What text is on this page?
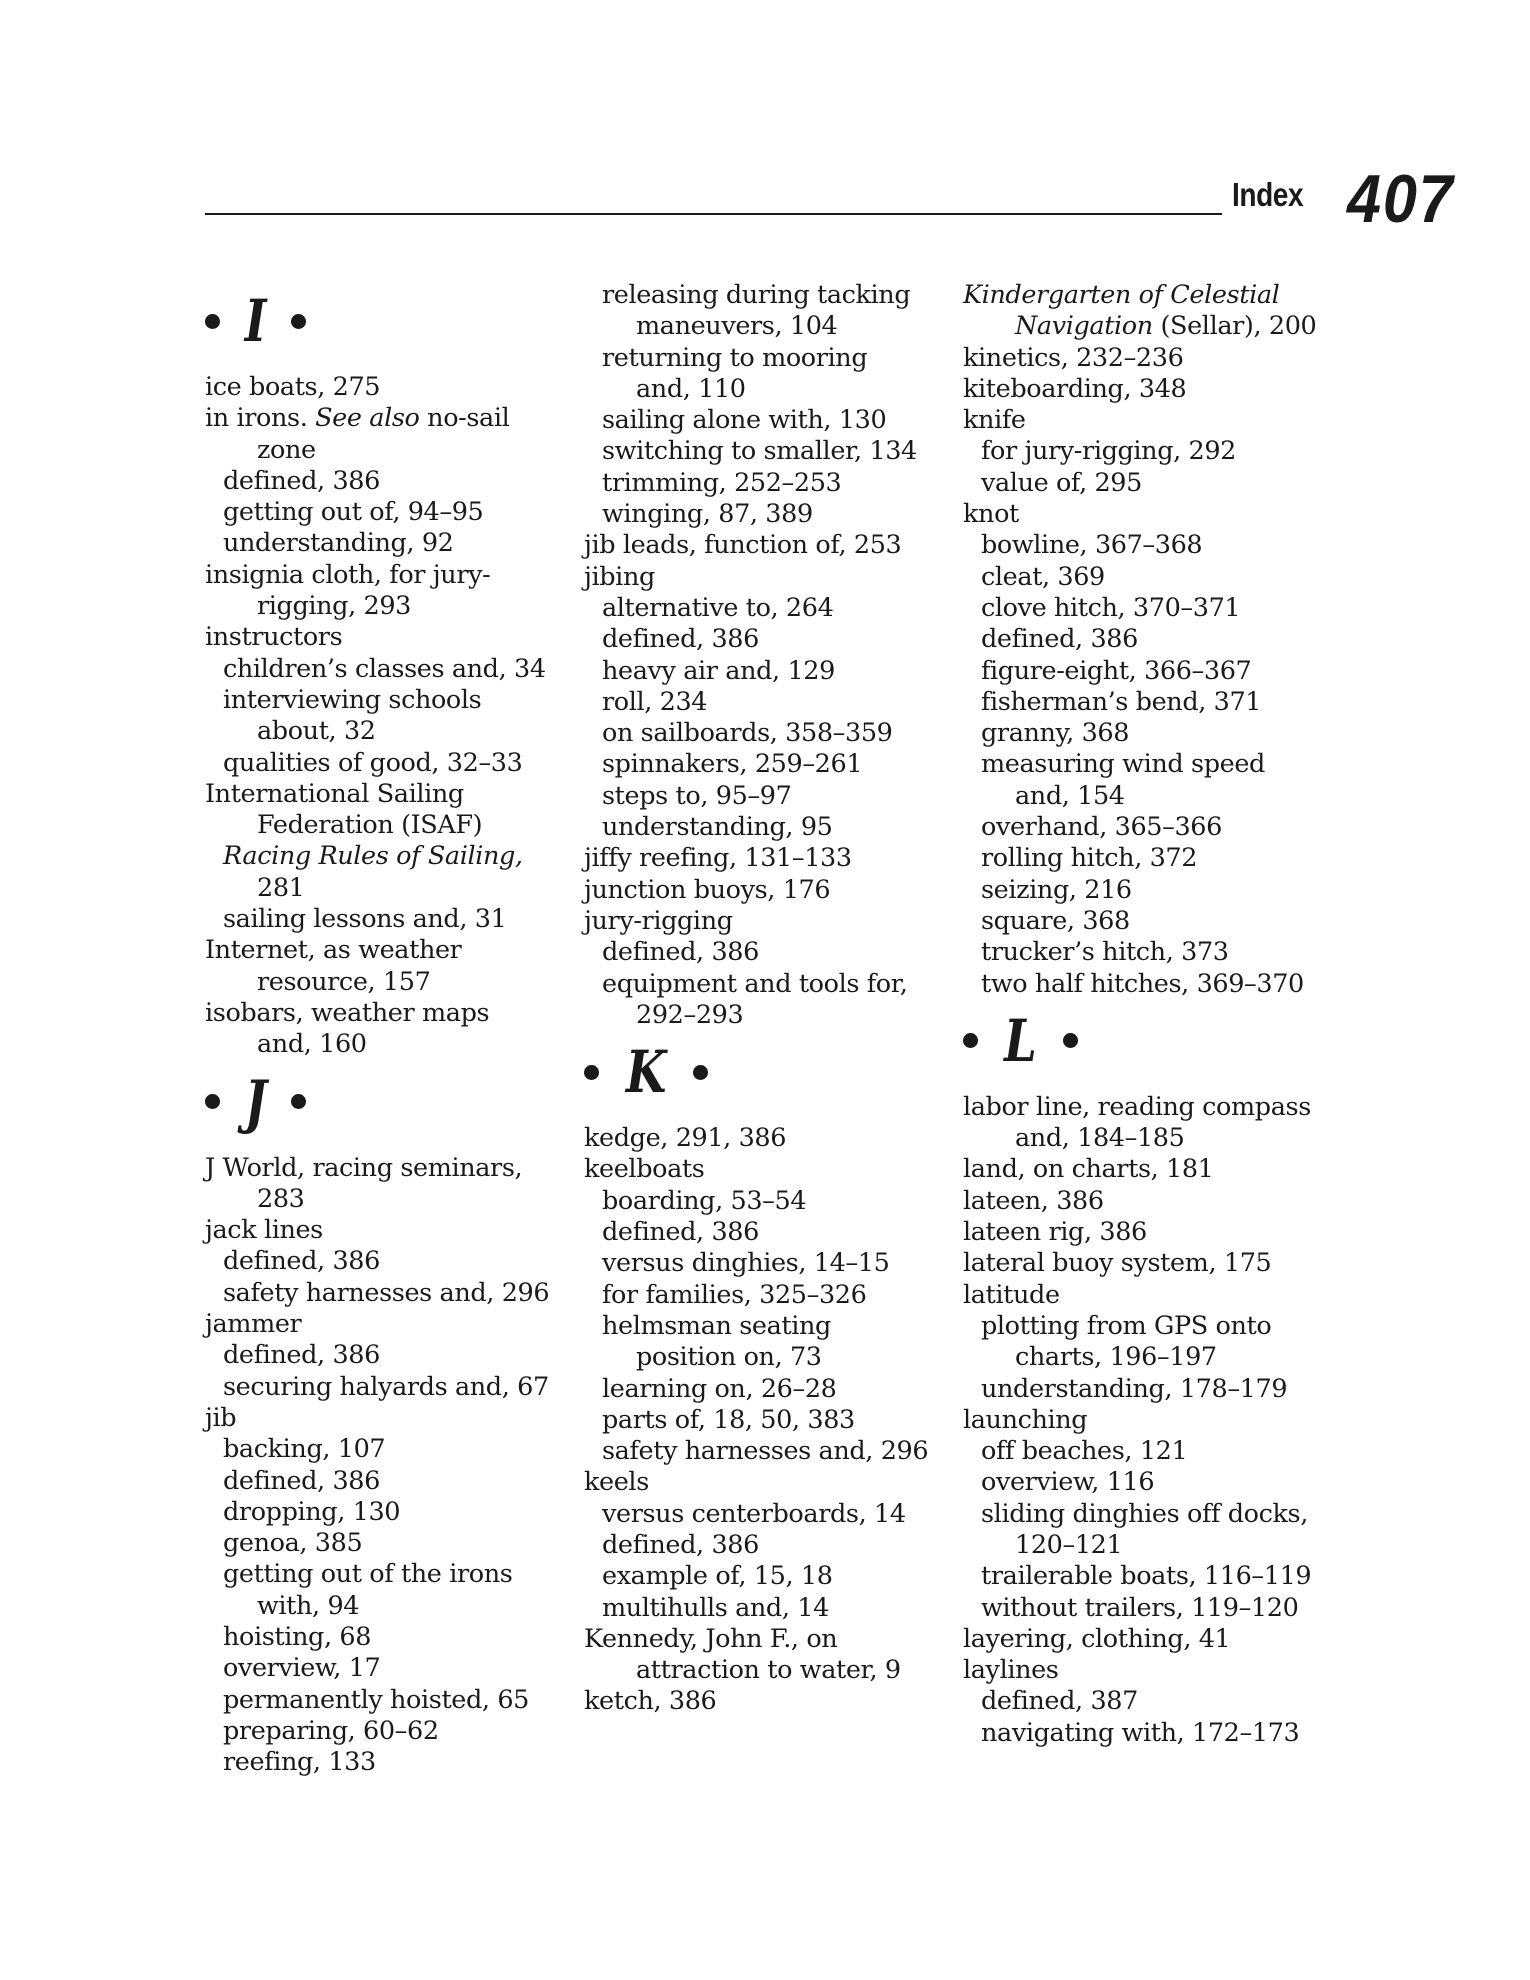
Index 407
I
ice boats, 275
in irons. See also no-sail
zone
defined, 386
getting out of, 94–95
understanding, 92
insignia cloth, for jury-
rigging, 293
instructors
children’s classes and, 34
interviewing schools
about, 32
qualities of good, 32–33
International Sailing
Federation (ISAF)
Racing Rules of Sailing,
281
sailing lessons and, 31
Internet, as weather
resource, 157
isobars, weather maps
and, 160
J
J World, racing seminars,
283
jack lines
defined, 386
safety harnesses and, 296
jammer
defined, 386
securing halyards and, 67
jib
backing, 107
defined, 386
dropping, 130
genoa, 385
getting out of the irons
with, 94
hoisting, 68
overview, 17
permanently hoisted, 65
preparing, 60–62
reefing, 133
releasing during tacking
maneuvers, 104
returning to mooring
and, 110
sailing alone with, 130
switching to smaller, 134
trimming, 252–253
winging, 87, 389
jib leads, function of, 253
jibing
alternative to, 264
defined, 386
heavy air and, 129
roll, 234
on sailboards, 358–359
spinnakers, 259–261
steps to, 95–97
understanding, 95
jiffy reefing, 131–133
junction buoys, 176
jury-rigging
defined, 386
equipment and tools for,
292–293
K
kedge, 291, 386
keelboats
boarding, 53–54
defined, 386
versus dinghies, 14–15
for families, 325–326
helmsman seating
position on, 73
learning on, 26–28
parts of, 18, 50, 383
safety harnesses and, 296
keels
versus centerboards, 14
defined, 386
example of, 15, 18
multihulls and, 14
Kennedy, John F., on
attraction to water, 9
ketch, 386
Kindergarten of Celestial
Navigation (Sellar), 200
kinetics, 232–236
kiteboarding, 348
knife
for jury-rigging, 292
value of, 295
knot
bowline, 367–368
cleat, 369
clove hitch, 370–371
defined, 386
figure-eight, 366–367
fisherman’s bend, 371
granny, 368
measuring wind speed
and, 154
overhand, 365–366
rolling hitch, 372
seizing, 216
square, 368
trucker’s hitch, 373
two half hitches, 369–370
L
labor line, reading compass
and, 184–185
land, on charts, 181
lateen, 386
lateen rig, 386
lateral buoy system, 175
latitude
plotting from GPS onto
charts, 196–197
understanding, 178–179
launching
off beaches, 121
overview, 116
sliding dinghies off docks,
120–121
trailerable boats, 116–119
without trailers, 119–120
layering, clothing, 41
laylines
defined, 387
navigating with, 172–173
